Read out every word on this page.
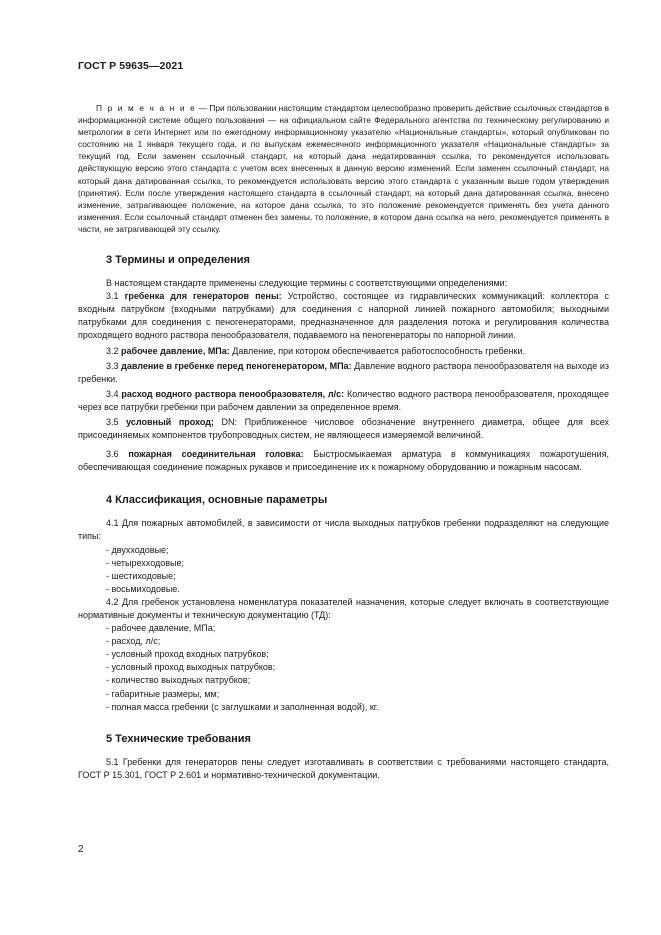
ГОСТ Р 59635—2021

П р и м е ч а н и е — При пользовании настоящим стандартом целесообразно проверить действие ссылочных стандартов в информационной системе общего пользования — на официальном сайте Федерального агентства по техническому регулированию и метрологии в сети Интернет или по ежегодному информационному указателю «Национальные стандарты», который опубликован по состоянию на 1 января текущего года, и по выпускам ежемесячного информационного указателя «Национальные стандарты» за текущий год. Если заменен ссылочный стандарт, на который дана недатированная ссылка, то рекомендуется использовать действующую версию этого стандарта с учетом всех внесенных в данную версию изменений. Если заменен ссылочный стандарт, на который дана датированная ссылка, то рекомендуется использовать версию этого стандарта с указанным выше годом утверждения (принятия). Если после утверждения настоящего стандарта в ссылочный стандарт, на который дана датированная ссылка, внесено изменение, затрагивающее положение, на которое дана ссылка, то это положение рекомендуется применять без учета данного изменения. Если ссылочный стандарт отменен без замены, то положение, в котором дана ссылка на него, рекомендуется применять в части, не затрагивающей эту ссылку.

3 Термины и определения

В настоящем стандарте применены следующие термины с соответствующими определениями:

3.1 гребенка для генераторов пены: Устройство, состоящее из гидравлических коммуникаций: коллектора с входным патрубком (входными патрубками) для соединения с напорной линией пожарного автомобиля; выходными патрубками для соединения с пеногенераторами, предназначенное для разделения потока и регулирования количества проходящего водного раствора пенообразователя, подаваемого на пеногенераторы по напорной линии.

3.2 рабочее давление, МПа: Давление, при котором обеспечивается работоспособность гребенки.

3.3 давление в гребенке перед пеногенератором, МПа: Давление водного раствора пенообразователя на выходе из гребенки.

3.4 расход водного раствора пенообразователя, л/с: Количество водного раствора пенообразователя, проходящее через все патрубки гребенки при рабочем давлении за определенное время.

3.5 условный проход; DN: Приближенное числовое обозначение внутреннего диаметра, общее для всех присоединяемых компонентов трубопроводных систем, не являющееся измеряемой величиной.

3.6 пожарная соединительная головка: Быстросмыкаемая арматура в коммуникациях пожаротушения, обеспечивающая соединение пожарных рукавов и присоединение их к пожарному оборудованию и пожарным насосам.

4 Классификация, основные параметры

4.1 Для пожарных автомобилей, в зависимости от числа выходных патрубков гребенки подразделяют на следующие типы:

- двухходовые;
- четырехходовые;
- шестиходовые;
- восьмиходовые.

4.2 Для гребенок установлена номенклатура показателей назначения, которые следует включать в соответствующие нормативные документы и техническую документацию (ТД):

- рабочее давление, МПа;
- расход, л/с;
- условный проход входных патрубков;
- условный проход выходных патрубков;
- количество выходных патрубков;
- габаритные размеры, мм;
- полная масса гребенки (с заглушками и заполненная водой), кг.
5 Технические требования

5.1 Гребенки для генераторов пены следует изготавливать в соответствии с требованиями настоящего стандарта, ГОСТ Р 15.301, ГОСТ Р 2.601 и нормативно-технической документации.

2
